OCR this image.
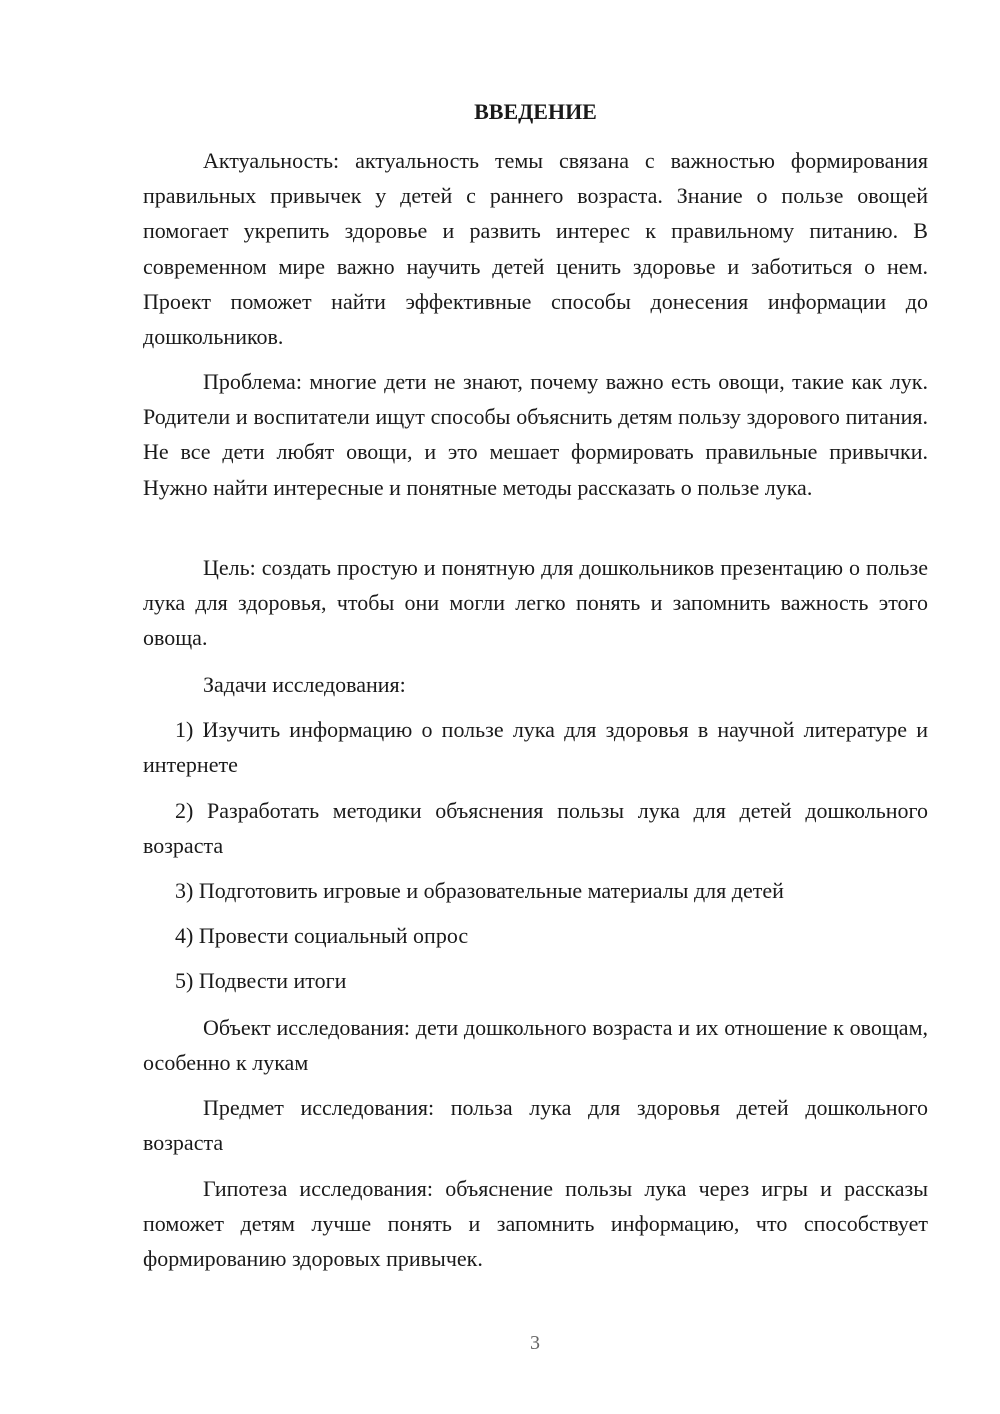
ВВЕДЕНИЕ

Актуальность: актуальность темы связана с важностью формирования правильных привычек у детей с раннего возраста. Знание о пользе овощей помогает укрепить здоровье и развить интерес к правильному питанию. В современном мире важно научить детей ценить здоровье и заботиться о нем. Проект поможет найти эффективные способы донесения информации до дошкольников.

Проблема: многие дети не знают, почему важно есть овощи, такие как лук. Родители и воспитатели ищут способы объяснить детям пользу здорового питания. Не все дети любят овощи, и это мешает формировать правильные привычки. Нужно найти интересные и понятные методы рассказать о пользе лука.

Цель: создать простую и понятную для дошкольников презентацию о пользе лука для здоровья, чтобы они могли легко понять и запомнить важность этого овоща.

Задачи исследования:

1) Изучить информацию о пользе лука для здоровья в научной литературе и интернете

2) Разработать методики объяснения пользы лука для детей дошкольного возраста

3) Подготовить игровые и образовательные материалы для детей

4) Провести социальный опрос

5) Подвести итоги

Объект исследования: дети дошкольного возраста и их отношение к овощам, особенно к лукам

Предмет исследования: польза лука для здоровья детей дошкольного возраста

Гипотеза исследования: объяснение пользы лука через игры и рассказы поможет детям лучше понять и запомнить информацию, что способствует формированию здоровых привычек.

3
